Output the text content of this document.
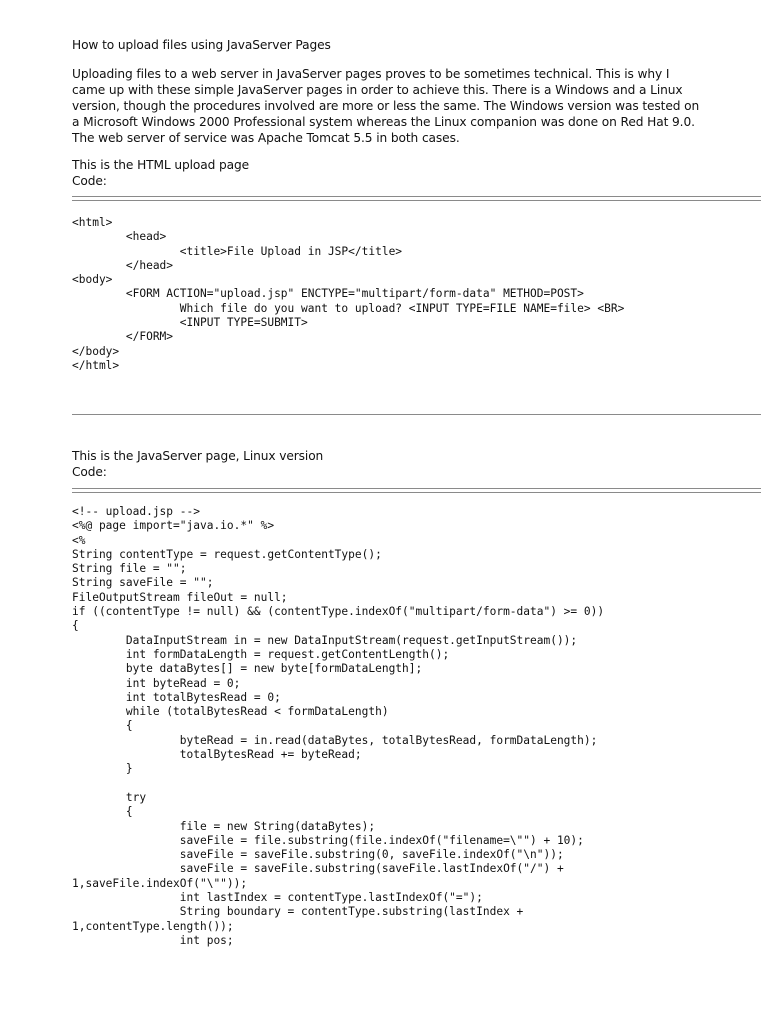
How to upload files using JavaServer Pages

Uploading files to a web server in JavaServer pages proves to be sometimes technical. This is why I
came up with these simple JavaServer pages in order to achieve this. There is a Windows and a Linux
version, though the procedures involved are more or less the same. The Windows version was tested on
a Microsoft Windows 2000 Professional system whereas the Linux companion was done on Red Hat 9.0.
The web server of service was Apache Tomcat 5.5 in both cases.

This is the HTML upload page
Code:

<html>
<head>
<title>File Upload in JSP</title>
</head>
<body>
<FORM ACTION="upload.jsp" ENCTYPE="multipart/form-data" METHOD=POST>
Which file do you want to upload? <INPUT TYPE=FILE NAME=file> <BR>
<INPUT TYPE=SUBMIT>
</FORM>
</body>
</html>

This is the JavaServer page, Linux version
Code:

<!-- upload.jsp -->
<%@ page import="java.io.*" %>
<%
String contentType = request.getContentType();
String file = "";
String saveFile = "";
FileOutputStream fileOut = null;
if ((contentType != null) && (contentType.indexOf("multipart/form-data") >= 0))
{
DataInputStream in = new DataInputStream(request.getInputStream());
int formDataLength = request.getContentLength();
byte dataBytes[] = new byte[formDataLength];
int byteRead = 0;
int totalBytesRead = 0;
while (totalBytesRead < formDataLength)
{
byteRead = in.read(dataBytes, totalBytesRead, formDataLength);
totalBytesRead += byteRead;
}

try
{
file = new String(dataBytes);
saveFile = file.substring(file.indexOf("filename=\"") + 10);
saveFile = saveFile.substring(0, saveFile.indexOf("\n"));
saveFile = saveFile.substring(saveFile.lastIndexOf("/") +
1,saveFile.indexOf("\""));
int lastIndex = contentType.lastIndexOf("=");
String boundary = contentType.substring(lastIndex +
1,contentType.length());
int pos;
